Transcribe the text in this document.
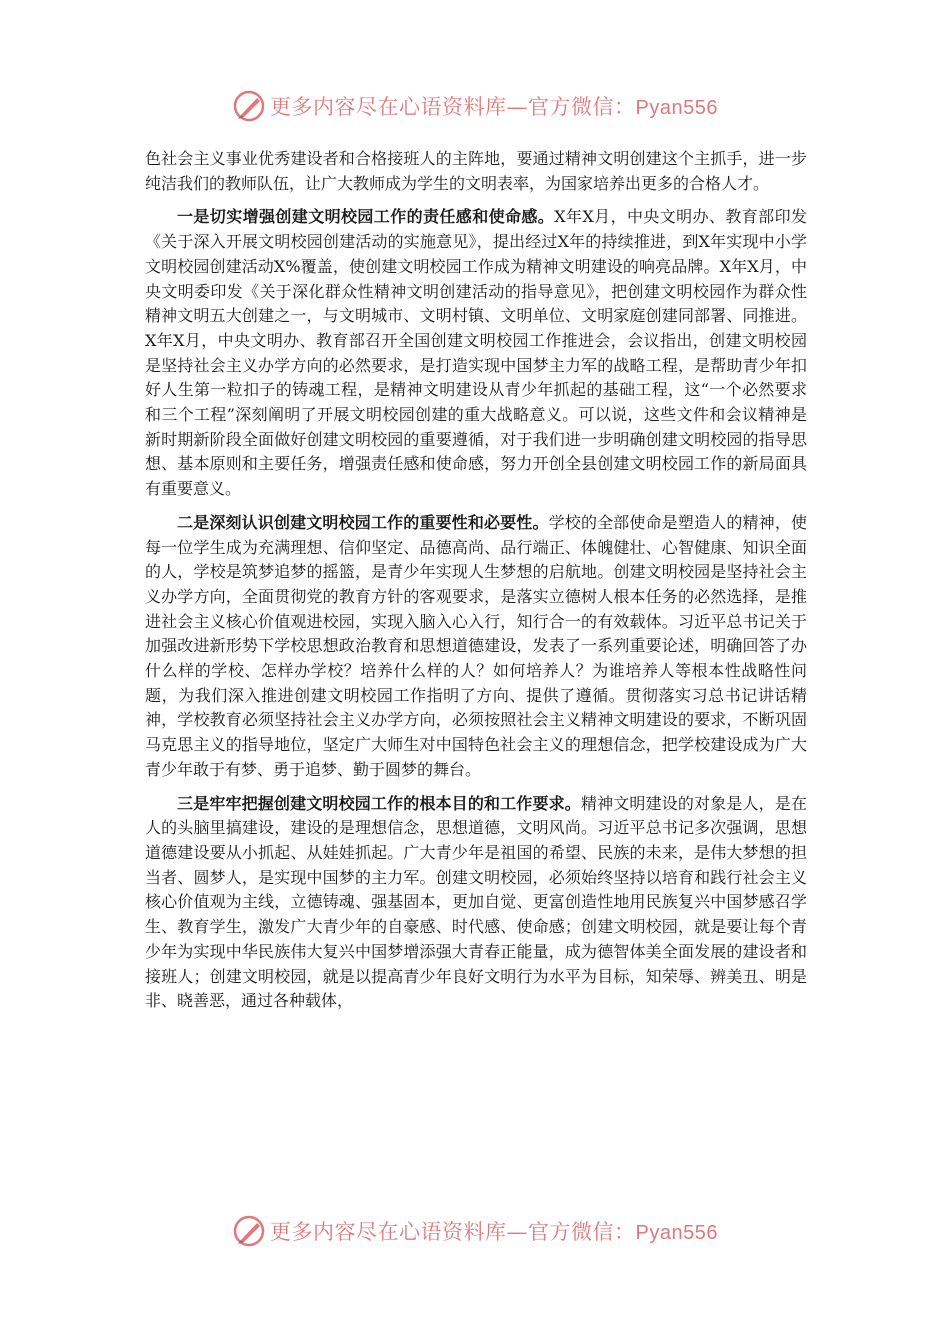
更多内容尽在心语资料库—官方微信：Pyan556

色社会主义事业优秀建设者和合格接班人的主阵地，要通过精神文明创建这个主抓手，进一步纯洁我们的教师队伍，让广大教师成为学生的文明表率，为国家培养出更多的合格人才。

一是切实增强创建文明校园工作的责任感和使命感。X年X月，中央文明办、教育部印发《关于深入开展文明校园创建活动的实施意见》，提出经过X年的持续推进，到X年实现中小学文明校园创建活动X%覆盖，使创建文明校园工作成为精神文明建设的响亮品牌。X年X月，中央文明委印发《关于深化群众性精神文明创建活动的指导意见》，把创建文明校园作为群众性精神文明五大创建之一，与文明城市、文明村镇、文明单位、文明家庭创建同部署、同推进。X年X月，中央文明办、教育部召开全国创建文明校园工作推进会，会议指出，创建文明校园是坚持社会主义办学方向的必然要求，是打造实现中国梦主力军的战略工程，是帮助青少年扣好人生第一粒扣子的铸魂工程，是精神文明建设从青少年抓起的基础工程，这“一个必然要求和三个工程”深刻阐明了开展文明校园创建的重大战略意义。可以说，这些文件和会议精神是新时期新阶段全面做好创建文明校园的重要遵循，对于我们进一步明确创建文明校园的指导思想、基本原则和主要任务，增强责任感和使命感，努力开创全县创建文明校园工作的新局面具有重要意义。

二是深刻认识创建文明校园工作的重要性和必要性。学校的全部使命是塑造人的精神，使每一位学生成为充满理想、信仰坚定、品德高尚、品行端正、体魄健壮、心智健康、知识全面的人，学校是筑梦追梦的摇篮，是青少年实现人生梦想的启航地。创建文明校园是坚持社会主义办学方向，全面贯彻党的教育方针的客观要求，是落实立德树人根本任务的必然选择，是推进社会主义核心价值观进校园，实现入脑入心入行，知行合一的有效载体。习近平总书记关于加强改进新形势下学校思想政治教育和思想道德建设，发表了一系列重要论述，明确回答了办什么样的学校、怎样办学校？培养什么样的人？如何培养人？为谁培养人等根本性战略性问题，为我们深入推进创建文明校园工作指明了方向、提供了遵循。贯彻落实习总书记讲话精神，学校教育必须坚持社会主义办学方向，必须按照社会主义精神文明建设的要求，不断巩固马克思主义的指导地位，坚定广大师生对中国特色社会主义的理想信念，把学校建设成为广大青少年敢于有梦、勇于追梦、勤于圆梦的舞台。

三是牢牢把握创建文明校园工作的根本目的和工作要求。精神文明建设的对象是人，是在人的头脑里搞建设，建设的是理想信念，思想道德，文明风尚。习近平总书记多次强调，思想道德建设要从小抓起、从娃娃抓起。广大青少年是祖国的希望、民族的未来，是伟大梦想的担当者、圆梦人，是实现中国梦的主力军。创建文明校园，必须始终坚持以培育和践行社会主义核心价值观为主线，立德铸魂、强基固本，更加自觉、更富创造性地用民族复兴中国梦感召学生、教育学生，激发广大青少年的自豪感、时代感、使命感；创建文明校园，就是要让每个青少年为实现中华民族伟大复兴中国梦增添强大青春正能量，成为德智体美全面发展的建设者和接班人；创建文明校园，就是以提高青少年良好文明行为水平为目标，知荣辱、辨美丑、明是非、晓善恶，通过各种载体，

更多内容尽在心语资料库—官方微信：Pyan556
